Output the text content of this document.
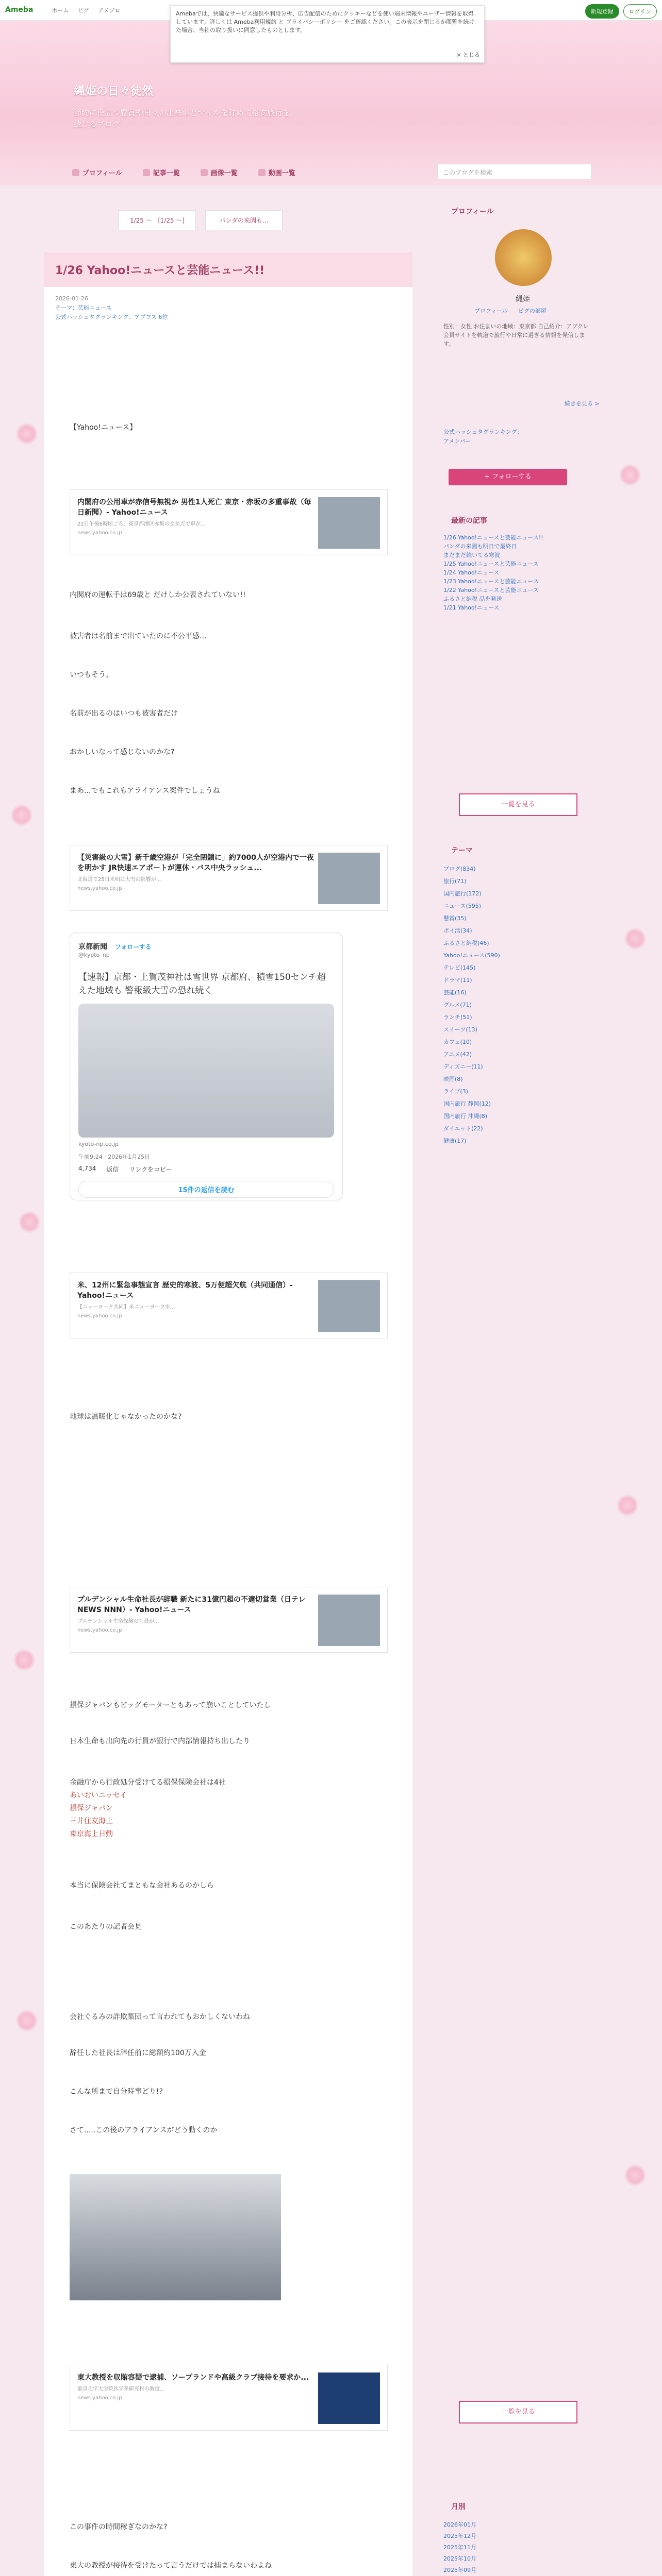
Ameba	ホーム ピグ アメブロ	新規登録	ログイン
縄姫の日々徒然
節約に役立つ懸賞や日々の出来事とマイルを貯めて格安旅行を続けるブログ
プロフィール	記事一覧	画像一覧	動画一覧	このブログを検索
Amebaでは、快適なサービス提供や利用分析、広告配信のためにクッキーなどを使い端末情報やユーザー情報を取得しています。詳しくは Ameba利用規約 と プライバシーポリシー をご確認ください。この表示を閉じるか閲覧を続けた場合、当社の取り扱いに同意したものとします。
× とじる
1/25 ～ 〔1/25 ～]	パンダの来園も...
1/26 Yahoo!ニュースと芸能ニュース!!
2026-01-26
テーマ：芸能ニュース
公式ハッシュタグランキング：アプフス 6位

【Yahoo!ニュース】

内閣府の公用車が赤信号無視か 男性1人死亡 東京・赤坂の多重事故（毎日新聞）- Yahoo!ニュース
22日午後6時頃ごろ、東京都港区赤坂の交差点で車が...
news.yahoo.co.jp

内閣府の運転手は69歳と だけしか公表されていない!!

被害者は名前まで出ていたのに不公平感...

いつもそう、

名前が出るのはいつも被害者だけ

おかしいなって感じないのかな?

まあ...でもこれもアライアンス案件でしょうね

【災害級の大雪】新千歳空港が「完全閉鎖に」約7000人が空港内で一夜を明かす JR快速エアポートが運休・バス中央ラッシュ...
北海道で25日未明に大雪の影響が...
news.yahoo.co.jp
京都新聞 フォローする
@kyoto_np
【速報】京都・上賀茂神社は雪世界 京都府、積雪150センチ超えた地域も 警報級大雪の恐れ続く
kyoto-np.co.jp
午前9:24 · 2026年1月25日
4,734 返信 リンクをコピー
15件の返信を読む
米、12州に緊急事態宣言 歴史的寒波、5万便超欠航（共同通信）- Yahoo!ニュース
【ニューヨーク共同】米ニューヨーク市...
news.yahoo.co.jp

地球は温暖化じゃなかったのかな?

プルデンシャル生命社長が辞職 新たに31億円超の不適切営業（日テレNEWS NNN）- Yahoo!ニュース
プルデンシャル生命保険の社員が...
news.yahoo.co.jp

損保ジャパンもビッグモーターともあって崩いことしていたし

日本生命も出向先の行員が銀行で内部情報持ち出したり

金融庁から行政処分受けてる損保保険会社は4社

あいおいニッセイ

損保ジャパン

三井住友海上

東京海上日動

本当に保険会社てまともな会社あるのかしら

このあたりの記者会見

会社ぐるみの詐欺集団って言われてもおかしくないわね

辞任した社長は辞任前に総額約100万入金

こんな所まで自分時事どり!?

さて.....この後のアライアンスがどう動くのか

東大教授を収賄容疑で逮捕、ソープランドや高級クラブ接待を要求か...
東京大学大学院医学系研究科の教授...
news.yahoo.co.jp

この事件の時間稼ぎなのかな?

東大の教授が接待を受けたって言うだけでは捕まらないわよね

プロフィール
縄姫
プロフィール ピグの部屋
性別：女性 お住まいの地域：東京都 自己紹介：アブクレ会員サイトを軌道で旅行や日常に過ぎる情報を発信します。
続きを見る >
公式ハッシュタグランキング：
アメンバー
+ フォローする
最新の記事
1/26 Yahoo!ニュースと芸能ニュース!!
パンダの来園も明日で最終日
まだまだ続いてる寒波
1/25 Yahoo!ニュースと芸能ニュース
1/24 Yahoo!ニュース
1/23 Yahoo!ニュースと芸能ニュース
1/22 Yahoo!ニュースと芸能ニュース
ふるさと納税 品を発送
1/21 Yahoo!ニュース
一覧を見る
テーマ
ブログ(834)
旅行(71)
国内旅行(172)
ニュース(595)
懸賞(35)
ポイ活(34)
ふるさと納税(46)
Yahoo!ニュース(590)
テレビ(145)
ドラマ(11)
芸能(16)
グルメ(71)
ランチ(51)
スイーツ(13)
カフェ(10)
アニメ(42)
ディズニー(11)
映画(8)
ライブ(3)
国内旅行 静岡(12)
国内旅行 沖縄(8)
ダイエット(22)
健康(17)
一覧を見る
月別
2026年01月
2025年12月
2025年11月
2025年10月
2025年09月
